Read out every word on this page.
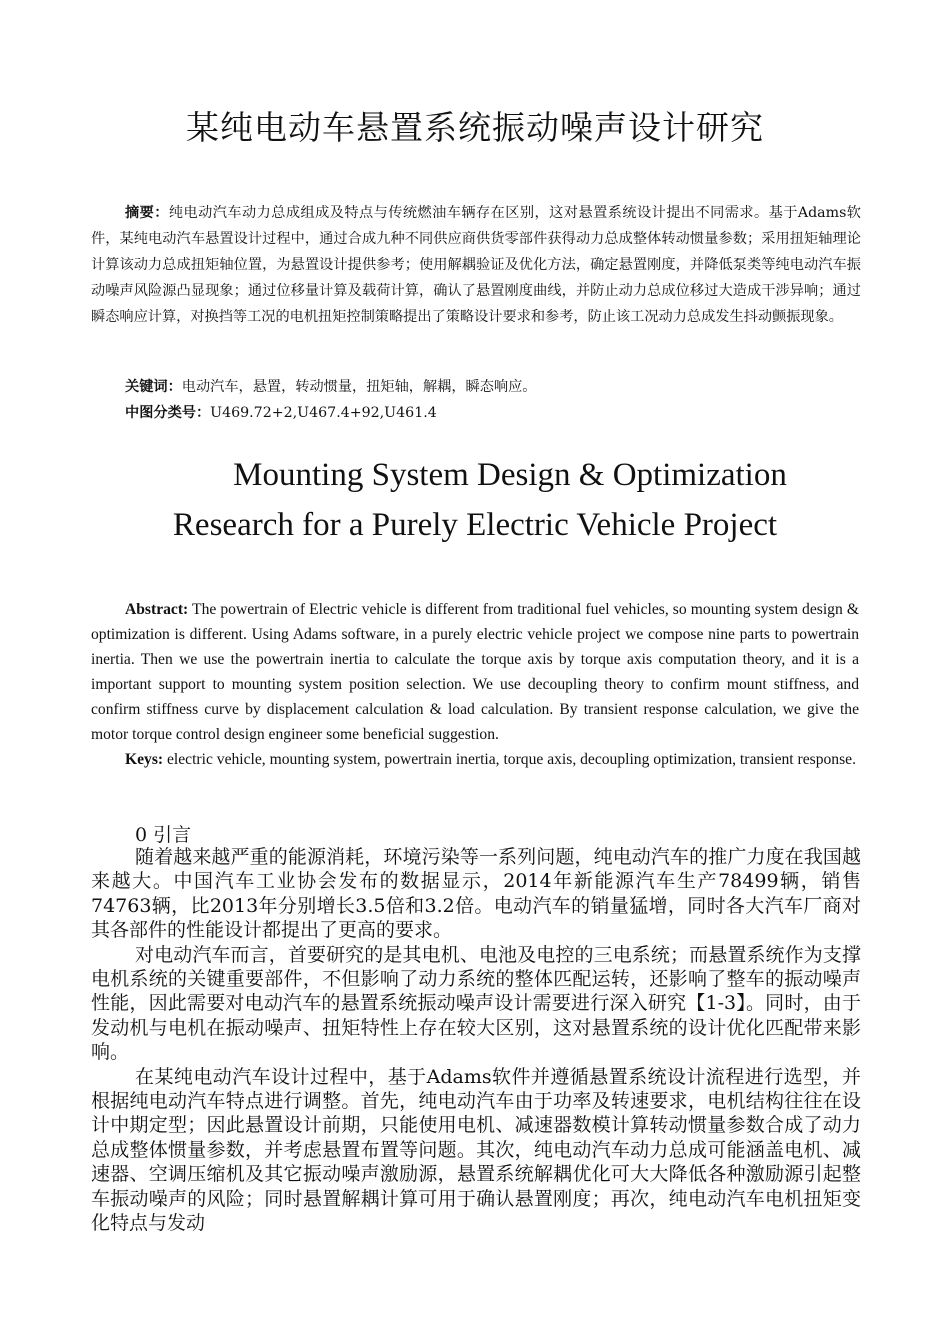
某纯电动车悬置系统振动噪声设计研究

摘要：纯电动汽车动力总成组成及特点与传统燃油车辆存在区别，这对悬置系统设计提出不同需求。基于Adams软件，某纯电动汽车悬置设计过程中，通过合成九种不同供应商供货零部件获得动力总成整体转动惯量参数；采用扭矩轴理论计算该动力总成扭矩轴位置，为悬置设计提供参考；使用解耦验证及优化方法，确定悬置刚度，并降低泵类等纯电动汽车振动噪声风险源凸显现象；通过位移量计算及载荷计算，确认了悬置刚度曲线，并防止动力总成位移过大造成干涉异响；通过瞬态响应计算，对换挡等工况的电机扭矩控制策略提出了策略设计要求和参考，防止该工况动力总成发生抖动颤振现象。

关键词：电动汽车，悬置，转动惯量，扭矩轴，解耦，瞬态响应。
中图分类号：U469.72+2,U467.4+92,U461.4
Mounting System Design & Optimization
Research for a Purely Electric Vehicle Project

Abstract: The powertrain of Electric vehicle is different from traditional fuel vehicles, so mounting system design & optimization is different. Using Adams software, in a purely electric vehicle project we compose nine parts to powertrain inertia. Then we use the powertrain inertia to calculate the torque axis by torque axis computation theory, and it is a important support to mounting system position selection. We use decoupling theory to confirm mount stiffness, and confirm stiffness curve by displacement calculation & load calculation. By transient response calculation, we give the motor torque control design engineer some beneficial suggestion.

Keys: electric vehicle, mounting system, powertrain inertia, torque axis, decoupling optimization, transient response.

0 引言

随着越来越严重的能源消耗，环境污染等一系列问题，纯电动汽车的推广力度在我国越来越大。中国汽车工业协会发布的数据显示，2014年新能源汽车生产78499辆，销售74763辆，比2013年分别增长3.5倍和3.2倍。电动汽车的销量猛增，同时各大汽车厂商对其各部件的性能设计都提出了更高的要求。

对电动汽车而言，首要研究的是其电机、电池及电控的三电系统；而悬置系统作为支撑电机系统的关键重要部件，不但影响了动力系统的整体匹配运转，还影响了整车的振动噪声性能，因此需要对电动汽车的悬置系统振动噪声设计需要进行深入研究【1-3】。同时，由于发动机与电机在振动噪声、扭矩特性上存在较大区别，这对悬置系统的设计优化匹配带来影响。

在某纯电动汽车设计过程中，基于Adams软件并遵循悬置系统设计流程进行选型，并根据纯电动汽车特点进行调整。首先，纯电动汽车由于功率及转速要求，电机结构往往在设计中期定型；因此悬置设计前期，只能使用电机、减速器数模计算转动惯量参数合成了动力总成整体惯量参数，并考虑悬置布置等问题。其次，纯电动汽车动力总成可能涵盖电机、减速器、空调压缩机及其它振动噪声激励源，悬置系统解耦优化可大大降低各种激励源引起整车振动噪声的风险；同时悬置解耦计算可用于确认悬置刚度；再次，纯电动汽车电机扭矩变化特点与发动
